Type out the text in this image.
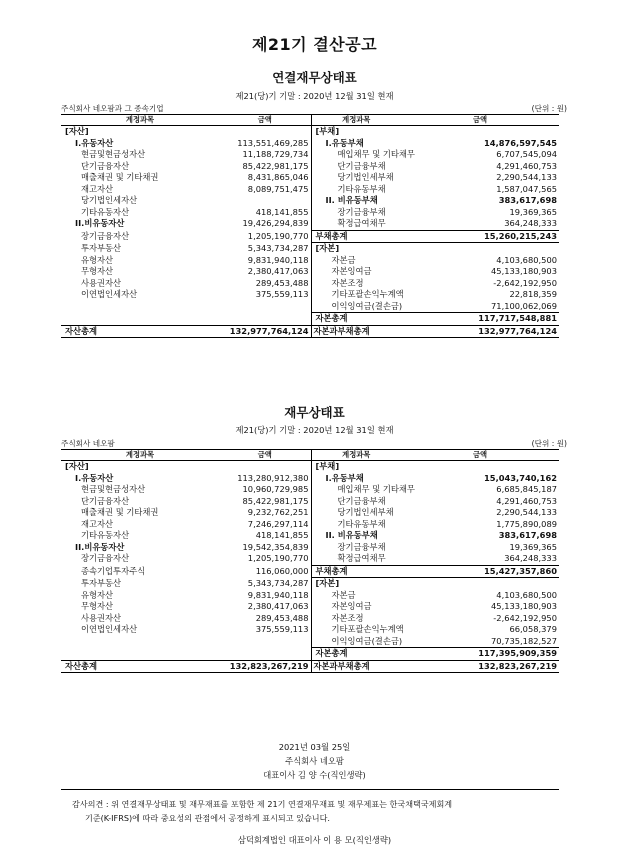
제21기 결산공고
연결재무상태표
제21(당)기 기말 : 2020년 12월 31일 현재
주식회사 네오팜과 그 종속기업	(단위 : 원)
계정과목	금액	계정과목	금액
[자산]		[부채]	
I.유동자산	113,551,469,285	I.유동부채	14,876,597,545
현금및현금성자산	11,188,729,734	매입채무 및 기타채무	6,707,545,094
단기금융자산	85,422,981,175	단기금융부채	4,291,460,753
매출채권 및 기타채권	8,431,865,046	당기법인세부채	2,290,544,133
재고자산	8,089,751,475	기타유동부채	1,587,047,565
당기법인세자산		II. 비유동부채	383,617,698
기타유동자산	418,141,855	장기금융부채	19,369,365
II.비유동자산	19,426,294,839	확정급여채무	364,248,333
장기금융자산	1,205,190,770	부채총계	15,260,215,243
투자부동산	5,343,734,287	[자본]	
유형자산	9,831,940,118	자본금	4,103,680,500
무형자산	2,380,417,063	자본잉여금	45,133,180,903
사용권자산	289,453,488	자본조정	-2,642,192,950
이연법인세자산	375,559,113	기타포괄손익누계액	22,818,359
		이익잉여금(결손금)	71,100,062,069
		자본총계	117,717,548,881
자산총계	132,977,764,124	자본과부채총계	132,977,764,124
재무상태표
제21(당)기 기말 : 2020년 12월 31일 현재
주식회사 네오팜	(단위 : 원)
계정과목	금액	계정과목	금액
[자산]		[부채]	
I.유동자산	113,280,912,380	I.유동부채	15,043,740,162
현금및현금성자산	10,960,729,985	매입채무 및 기타채무	6,685,845,187
단기금융자산	85,422,981,175	단기금융부채	4,291,460,753
매출채권 및 기타채권	9,232,762,251	당기법인세부채	2,290,544,133
재고자산	7,246,297,114	기타유동부채	1,775,890,089
기타유동자산	418,141,855	II. 비유동부채	383,617,698
II.비유동자산	19,542,354,839	장기금융부채	19,369,365
장기금융자산	1,205,190,770	확정급여채무	364,248,333
종속기업투자주식	116,060,000	부채총계	15,427,357,860
투자부동산	5,343,734,287	[자본]	
유형자산	9,831,940,118	자본금	4,103,680,500
무형자산	2,380,417,063	자본잉여금	45,133,180,903
사용권자산	289,453,488	자본조정	-2,642,192,950
이연법인세자산	375,559,113	기타포괄손익누계액	66,058,379
		이익잉여금(결손금)	70,735,182,527
		자본총계	117,395,909,359
자산총계	132,823,267,219	자본과부채총계	132,823,267,219
2021년 03월 25일
주식회사 네오팜
대표이사 김 양 수(직인생략)
감사의견 : 위 연결재무상태표 및 재무재표를 포함한 제 21기 연결재무재표 및 재무제표는 한국채택국제회계
기준(K-IFRS)에 따라 중요성의 관점에서 공정하게 표시되고 있습니다.
삼덕회계법인 대표이사 이 용 모(직인생략)
